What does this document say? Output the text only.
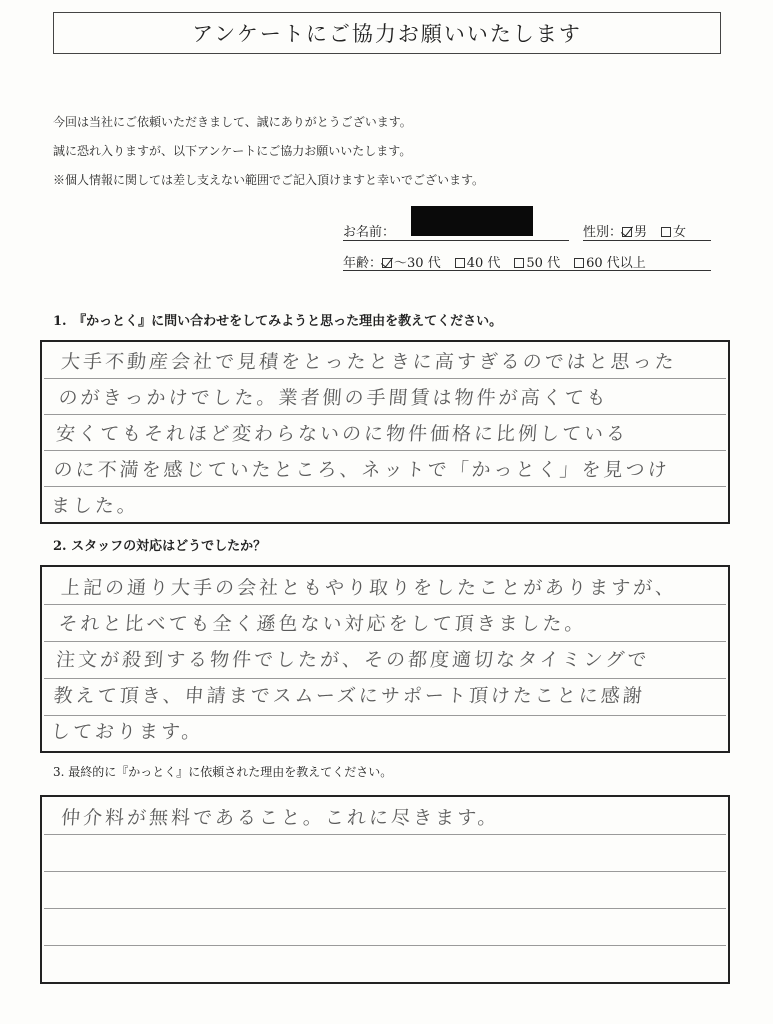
アンケートにご協力お願いいたします
今回は当社にご依頼いただきまして、誠にありがとうございます。
誠に恐れ入りますが、以下アンケートにご協力お願いいたします。
※個人情報に関しては差し支えない範囲でご記入頂けますと幸いでございます。
お名前：	性別： 男 女
年齢： ～30 代 40 代 50 代 60 代以上
1.　『かっとく』に問い合わせをしてみようと思った理由を教えてください。
大手不動産会社で見積をとったときに高すぎるのではと思った
のがきっかけでした。業者側の手間賃は物件が高くても
安くてもそれほど変わらないのに物件価格に比例している
のに不満を感じていたところ、ネットで「かっとく」を見つけ
ました。
2. スタッフの対応はどうでしたか？
上記の通り大手の会社ともやり取りをしたことがありますが、
それと比べても全く遜色ない対応をして頂きました。
注文が殺到する物件でしたが、その都度適切なタイミングで
教えて頂き、申請までスムーズにサポート頂けたことに感謝
しております。
3. 最終的に『かっとく』に依頼された理由を教えてください。
仲介料が無料であること。これに尽きます。
